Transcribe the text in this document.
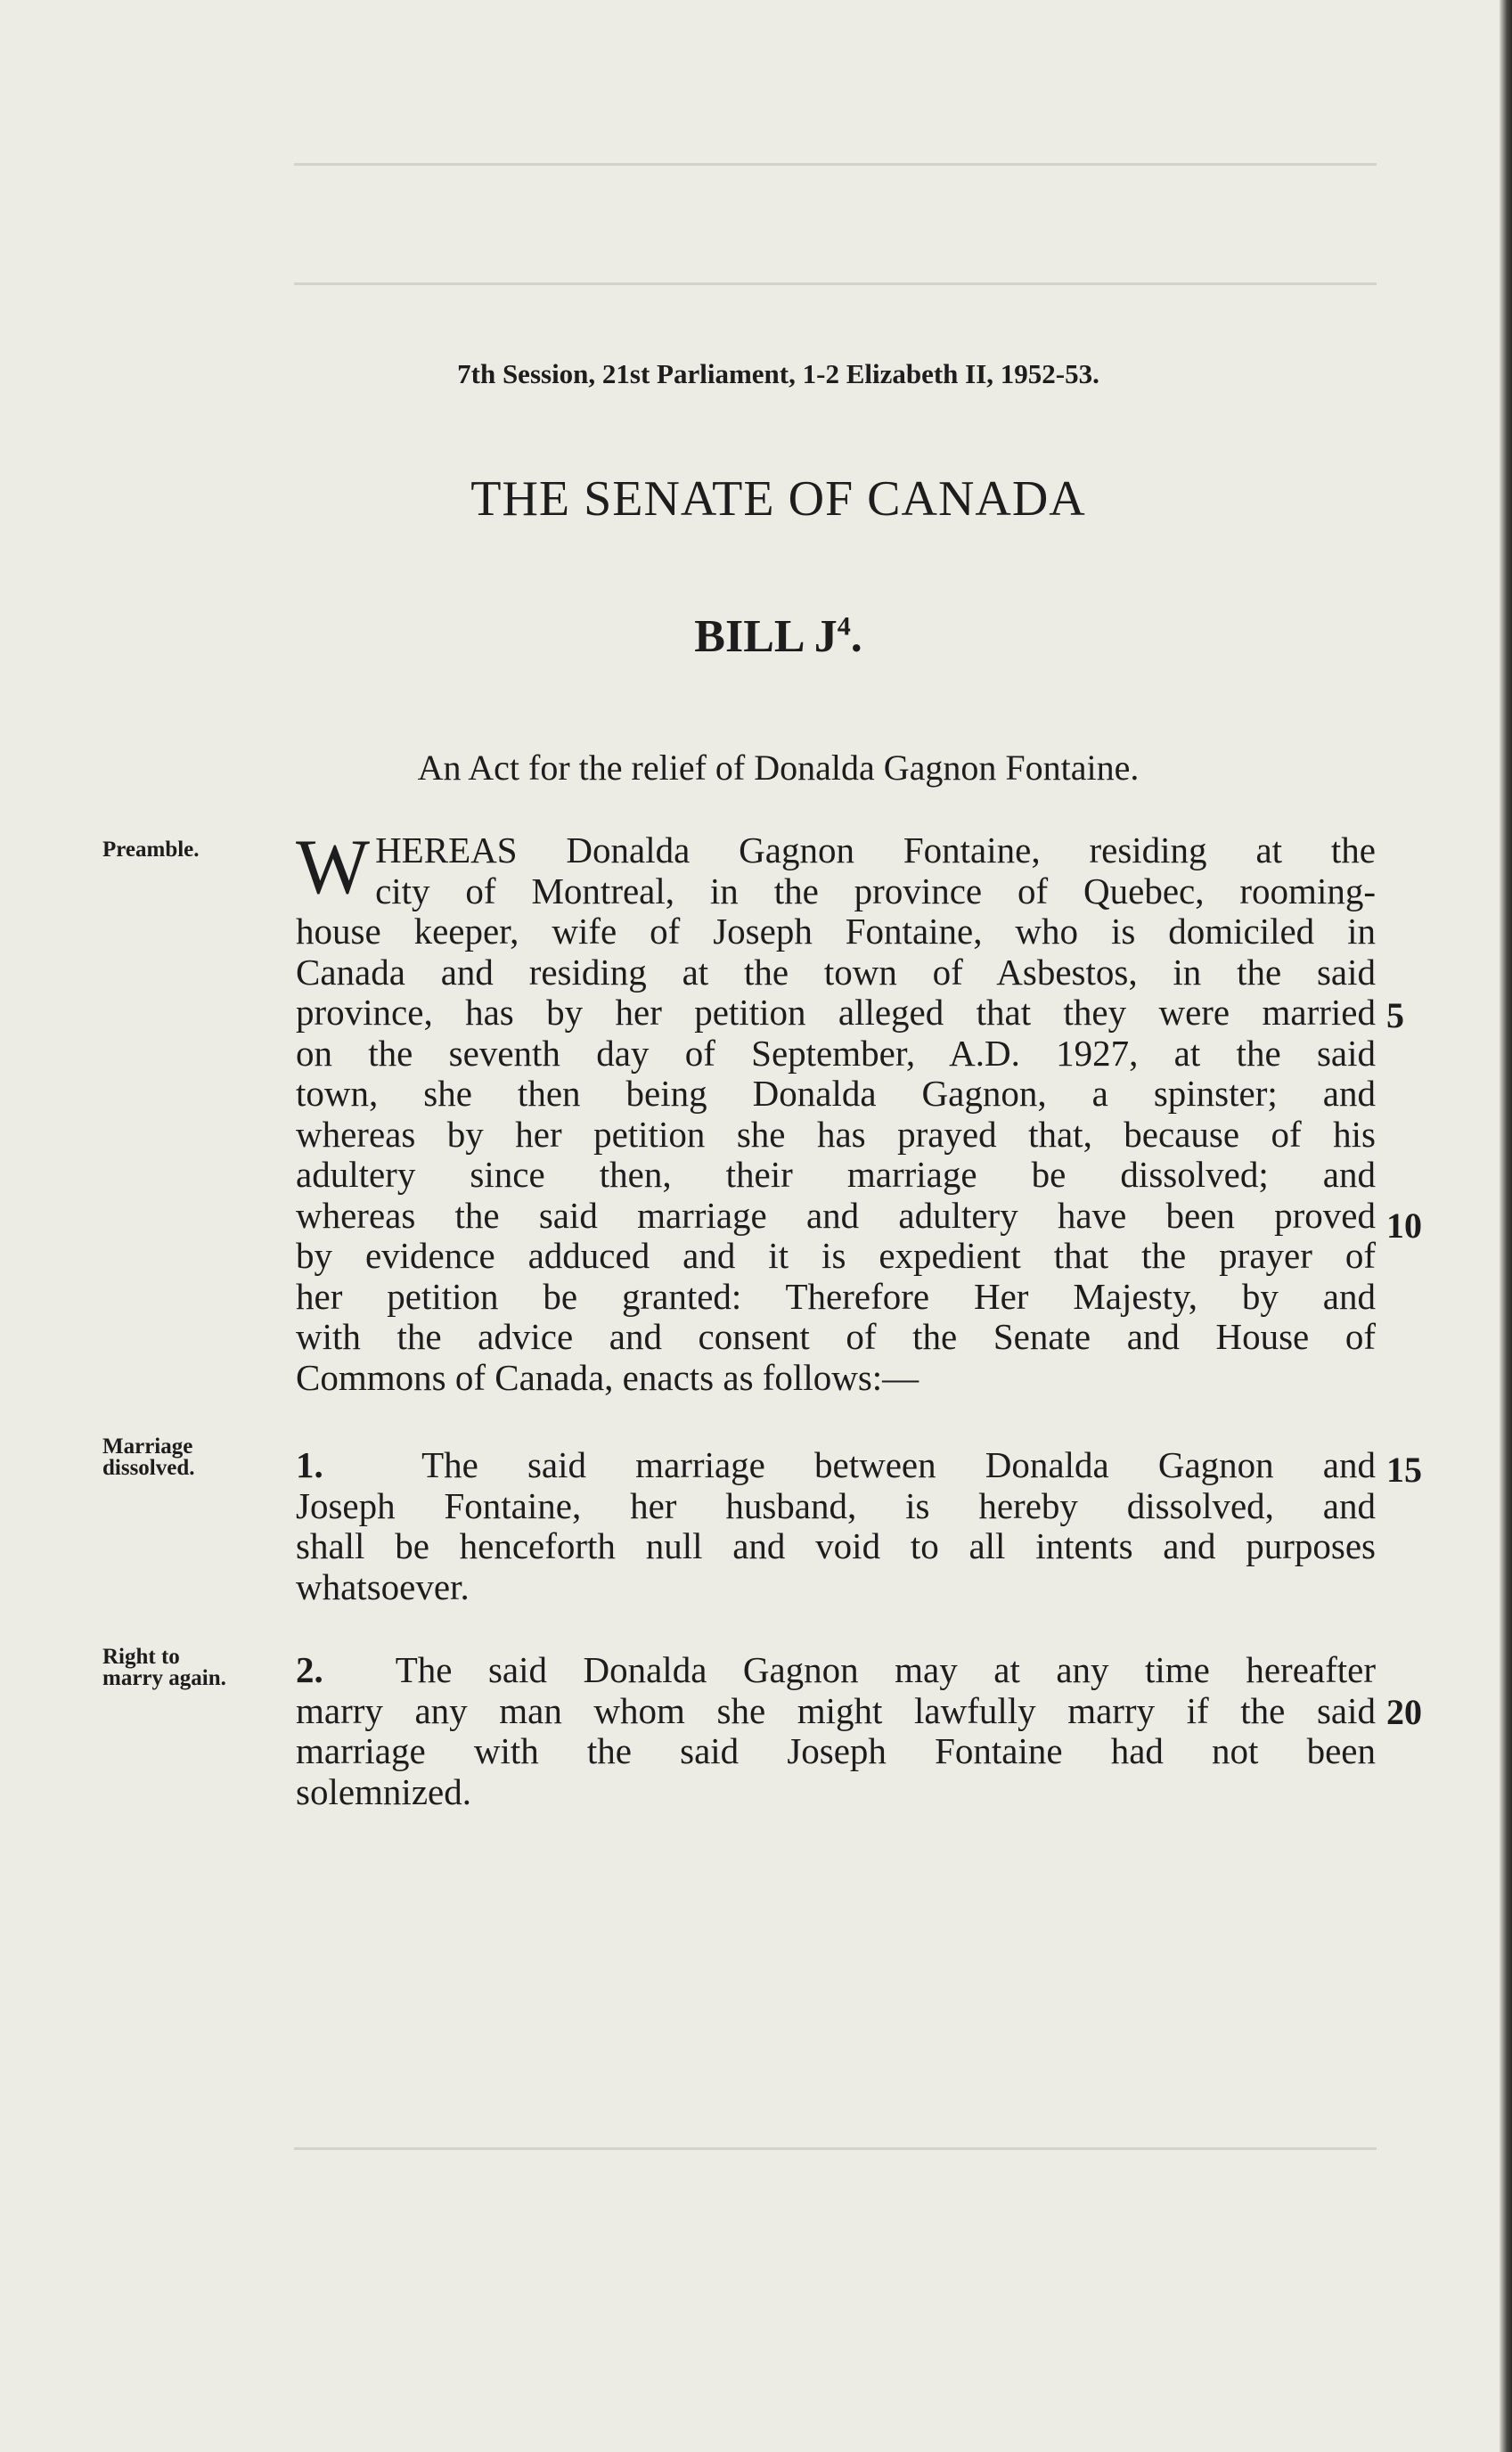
7th Session, 21st Parliament, 1-2 Elizabeth II, 1952-53.
THE SENATE OF CANADA
BILL $J^4$.
An Act for the relief of Donalda Gagnon Fontaine.
Preamble.
Marriage
dissolved.
Right to
marry again.
W HEREAS Donalda Gagnon Fontaine, residing at the
city of Montreal, in the province of Quebec, rooming-
house keeper, wife of Joseph Fontaine, who is domiciled in
Canada and residing at the town of Asbestos, in the said
province, has by her petition alleged that they were married
on the seventh day of September, A.D. 1927, at the said
town, she then being Donalda Gagnon, a spinster; and
whereas by her petition she has prayed that, because of his
adultery since then, their marriage be dissolved; and
whereas the said marriage and adultery have been proved
by evidence adduced and it is expedient that the prayer of
her petition be granted: Therefore Her Majesty, by and
with the advice and consent of the Senate and House of
Commons of Canada, enacts as follows:—
1.	The said marriage between Donalda Gagnon and
Joseph Fontaine, her husband, is hereby dissolved, and
shall be henceforth null and void to all intents and purposes
whatsoever.
2. The said Donalda Gagnon may at any time hereafter
marry any man whom she might lawfully marry if the said
marriage with the said Joseph Fontaine had not been
solemnized.
5
10
15
20
